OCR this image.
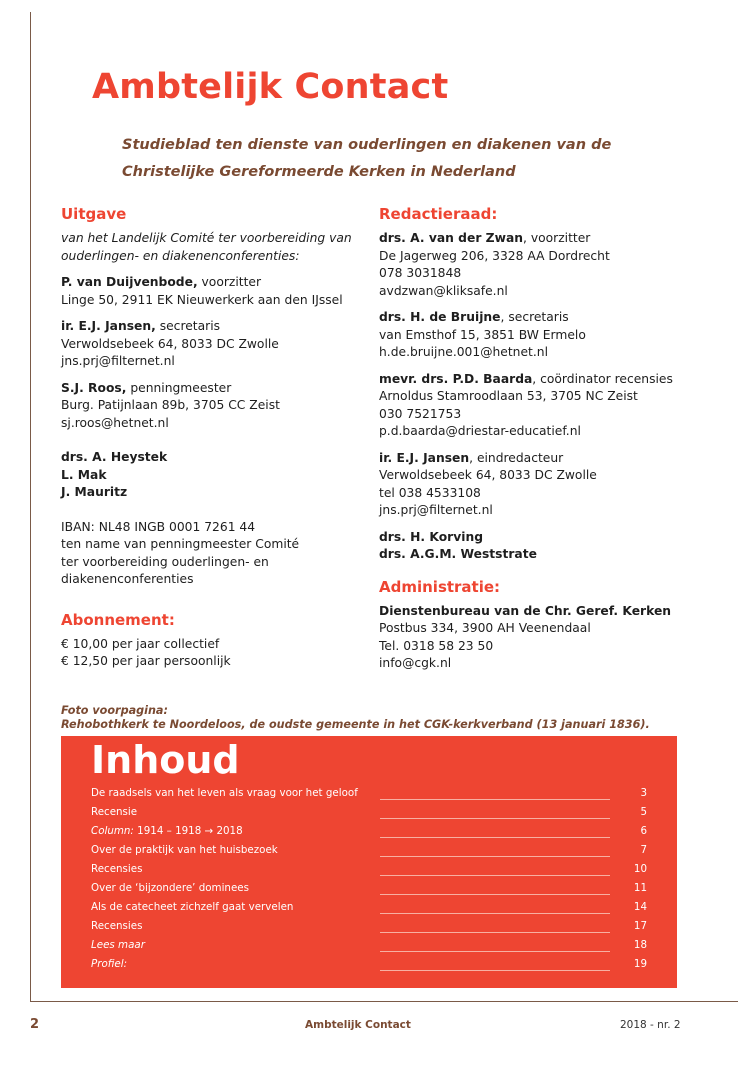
Ambtelijk Contact
Studieblad ten dienste van ouderlingen en diakenen van de
Christelijke Gereformeerde Kerken in Nederland
Uitgave
van het Landelijk Comité ter voorbereiding van
ouderlingen- en diakenenconferenties:
P. van Duijvenbode, voorzitter
Linge 50, 2911 EK Nieuwerkerk aan den IJssel
ir. E.J. Jansen, secretaris
Verwoldsebeek 64, 8033 DC Zwolle
jns.prj@filternet.nl
S.J. Roos, penningmeester
Burg. Patijnlaan 89b, 3705 CC Zeist
sj.roos@hetnet.nl
drs. A. Heystek
L. Mak
J. Mauritz
IBAN: NL48 INGB 0001 7261 44
ten name van penningmeester Comité
ter voorbereiding ouderlingen- en
diakenenconferenties
Abonnement:
€ 10,00 per jaar collectief
€ 12,50 per jaar persoonlijk
Redactieraad:
drs. A. van der Zwan, voorzitter
De Jagerweg 206, 3328 AA Dordrecht
078 3031848
avdzwan@kliksafe.nl
drs. H. de Bruijne, secretaris
van Emsthof 15, 3851 BW Ermelo
h.de.bruijne.001@hetnet.nl
mevr. drs. P.D. Baarda, coördinator recensies
Arnoldus Stamroodlaan 53, 3705 NC Zeist
030 7521753
p.d.baarda@driestar-educatief.nl
ir. E.J. Jansen, eindredacteur
Verwoldsebeek 64, 8033 DC Zwolle
tel 038 4533108
jns.prj@filternet.nl
drs. H. Korving
drs. A.G.M. Weststrate
Administratie:
Dienstenbureau van de Chr. Geref. Kerken
Postbus 334, 3900 AH Veenendaal
Tel. 0318 58 23 50
info@cgk.nl
Foto voorpagina:
Rehobothkerk te Noordeloos, de oudste gemeente in het CGK-kerkverband (13 januari 1836).
Inhoud
De raadsels van het leven als vraag voor het geloof	3
Recensie	5
Column: 1914 – 1918 → 2018	6
Over de praktijk van het huisbezoek	7
Recensies	10
Over de ‘bijzondere’ dominees	11
Als de catecheet zichzelf gaat vervelen	14
Recensies	17
Lees maar	18
Profiel:	19
2	Ambtelijk Contact	2018 - nr. 2
